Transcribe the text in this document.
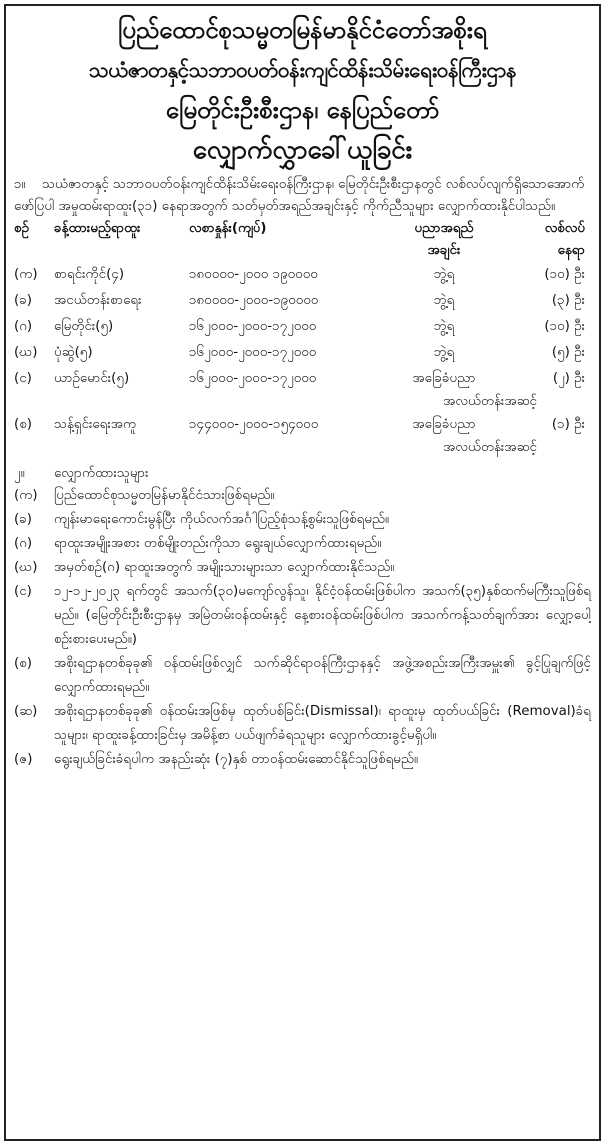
ပြည်ထောင်စုသမ္မတမြန်မာနိုင်ငံတော်အစိုးရ
သယံဇာတနှင့်သဘာဝပတ်ဝန်းကျင်ထိန်းသိမ်းရေးဝန်ကြီးဌာန
မြေတိုင်းဦးစီးဌာန၊ နေပြည်တော်
လျှောက်လွှာခေါ်ယူခြင်း
၁။ သယံဇာတနှင့် သဘာဝပတ်ဝန်းကျင်ထိန်းသိမ်းရေးဝန်ကြီးဌာန၊ မြေတိုင်းဦးစီးဌာနတွင် လစ်လပ်လျက်ရှိသောအောက်ဖော်ပြပါ အမှုထမ်းရာထူး(၃၁) နေရာအတွက် သတ်မှတ်အရည်အချင်းနှင့် ကိုက်ညီသူများ လျှောက်ထားနိုင်ပါသည်။
စဉ်	ခန့်ထားမည့်ရာထူး	လစာနှုန်း(ကျပ်)	ပညာအရည်	လစ်လပ်
			အချင်း	နေရာ
(က)	စာရင်းကိုင်(၄)	၁၈၀၀၀၀-၂၀၀၀ ၁၉၀၀၀၀	ဘွဲ့ရ	(၁၀) ဦး
(ခ)	အငယ်တန်းစာရေး	၁၈၀၀၀၀-၂၀၀၀-၁၉၀၀၀၀	ဘွဲ့ရ	(၃) ဦး
(ဂ)	မြေတိုင်း(၅)	၁၆၂၀၀၀-၂၀၀၀-၁၇၂၀၀၀	ဘွဲ့ရ	(၁၀) ဦး
(ဃ)	ပုံဆွဲ(၅)	၁၆၂၀၀၀-၂၀၀၀-၁၇၂၀၀၀	ဘွဲ့ရ	(၅) ဦး
(င)	ယာဉ်မောင်း(၅)	၁၆၂၀၀၀-၂၀၀၀-၁၇၂၀၀၀	အခြေခံပညာ	(၂) ဦး
			အလယ်တန်းအဆင့်	
(စ)	သန့်ရှင်းရေးအကူ	၁၄၄၀၀၀-၂၀၀၀-၁၅၄၀၀၀	အခြေခံပညာ	(၁) ဦး
			အလယ်တန်းအဆင့်	
၂။ လျှောက်ထားသူများ
(က)	ပြည်ထောင်စုသမ္မတမြန်မာနိုင်ငံသားဖြစ်ရမည်။
(ခ)	ကျန်းမာရေးကောင်းမွန်ပြီး ကိုယ်လက်အင်္ဂါပြည့်စုံသန့်စွမ်းသူဖြစ်ရမည်။
(ဂ)	ရာထူးအမျိုးအစား တစ်မျိုးတည်းကိုသာ ရွေးချယ်လျှောက်ထားရမည်။
(ဃ)	အမှတ်စဉ်(ဂ) ရာထူးအတွက် အမျိုးသားများသာ လျှောက်ထားနိုင်သည်။
(င)	၁၂-၁၂-၂၀၂၃ ရက်တွင် အသက်(၃၀)မကျော်လွန်သူ၊ နိုင်ငံ့ဝန်ထမ်းဖြစ်ပါက အသက်(၃၅)နှစ်ထက်မကြီးသူဖြစ်ရမည်။ (မြေတိုင်းဦးစီးဌာနမှ အမြဲတမ်းဝန်ထမ်းနှင့် နေ့စားဝန်ထမ်းဖြစ်ပါက အသက်ကန့်သတ်ချက်အား လျှော့ပေါ့စဉ်းစားပေးမည်။)
(စ)	အစိုးရဌာနတစ်ခုခု၏ ဝန်ထမ်းဖြစ်လျှင် သက်ဆိုင်ရာဝန်ကြီးဌာနနှင့် အဖွဲ့အစည်းအကြီးအမှူး၏ ခွင့်ပြုချက်ဖြင့် လျှောက်ထားရမည်။
(ဆ)	အစိုးရဌာနတစ်ခုခု၏ ဝန်ထမ်းအဖြစ်မှ ထုတ်ပစ်ခြင်း(Dismissal)၊ ရာထူးမှ ထုတ်ပယ်ခြင်း (Removal)ခံရသူများ၊ ရာထူးခန့်ထားခြင်းမှ အမိန့်စာ ပယ်ဖျက်ခံရသူများ လျှောက်ထားခွင့်မရှိပါ။
(ဇ)	ရွေးချယ်ခြင်းခံရပါက အနည်းဆုံး (၇)နှစ် တာဝန်ထမ်းဆောင်နိုင်သူဖြစ်ရမည်။
